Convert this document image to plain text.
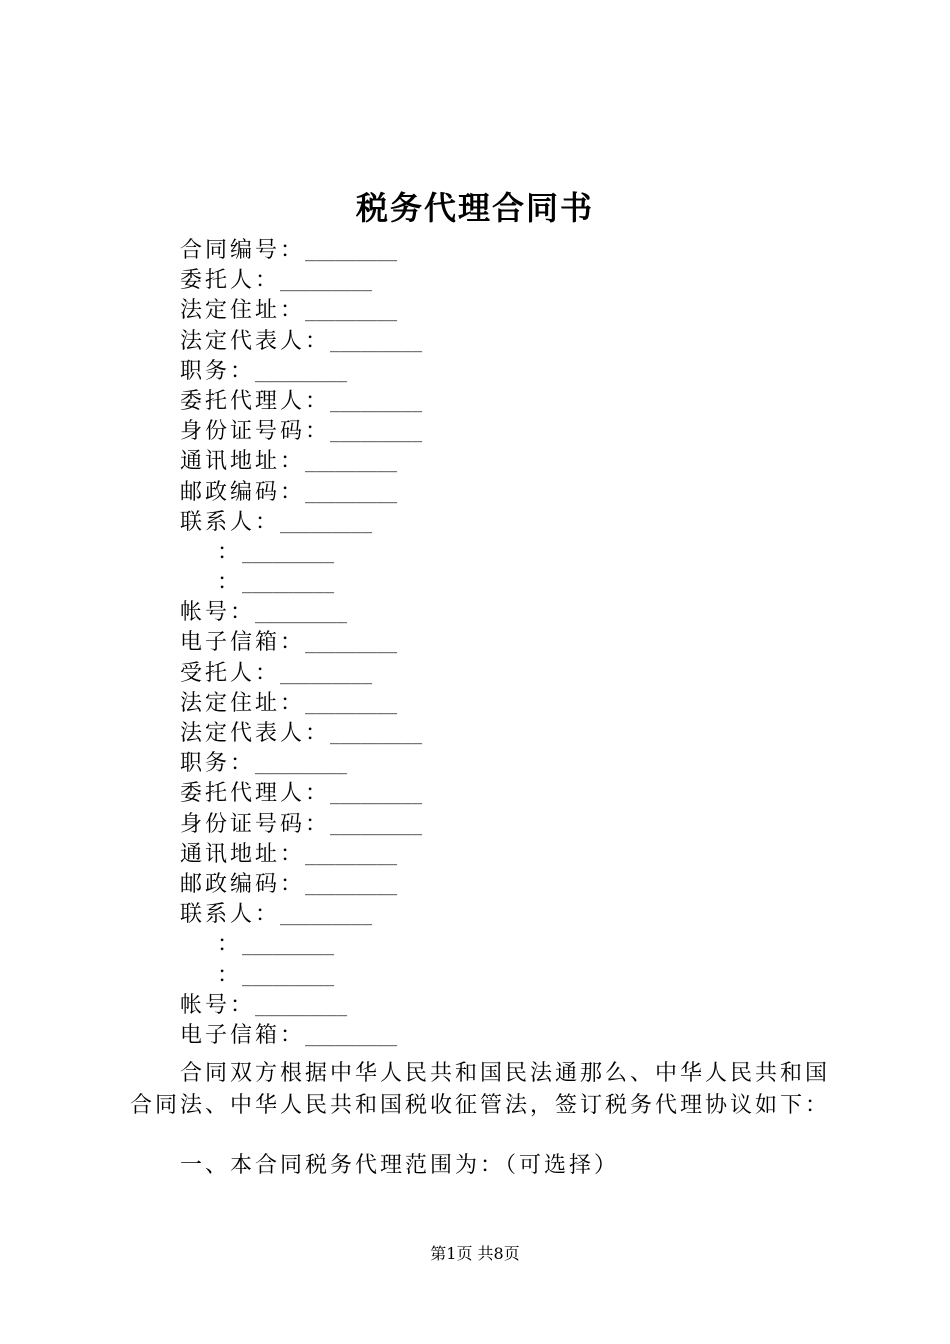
税务代理合同书
合同编号：_________
委托人：_________
法定住址：_________
法定代表人：_________
职务：_________
委托代理人：_________
身份证号码：_________
通讯地址：_________
邮政编码：_________
联系人：_________
：_________
：_________
帐号：_________
电子信箱：_________
受托人：_________
法定住址：_________
法定代表人：_________
职务：_________
委托代理人：_________
身份证号码：_________
通讯地址：_________
邮政编码：_________
联系人：_________
：_________
：_________
帐号：_________
电子信箱：_________

合同双方根据中华人民共和国民法通那么、中华人民共和国合同法、中华人民共和国税收征管法，签订税务代理协议如下：

一、本合同税务代理范围为：（可选择）
第1页 共8页
